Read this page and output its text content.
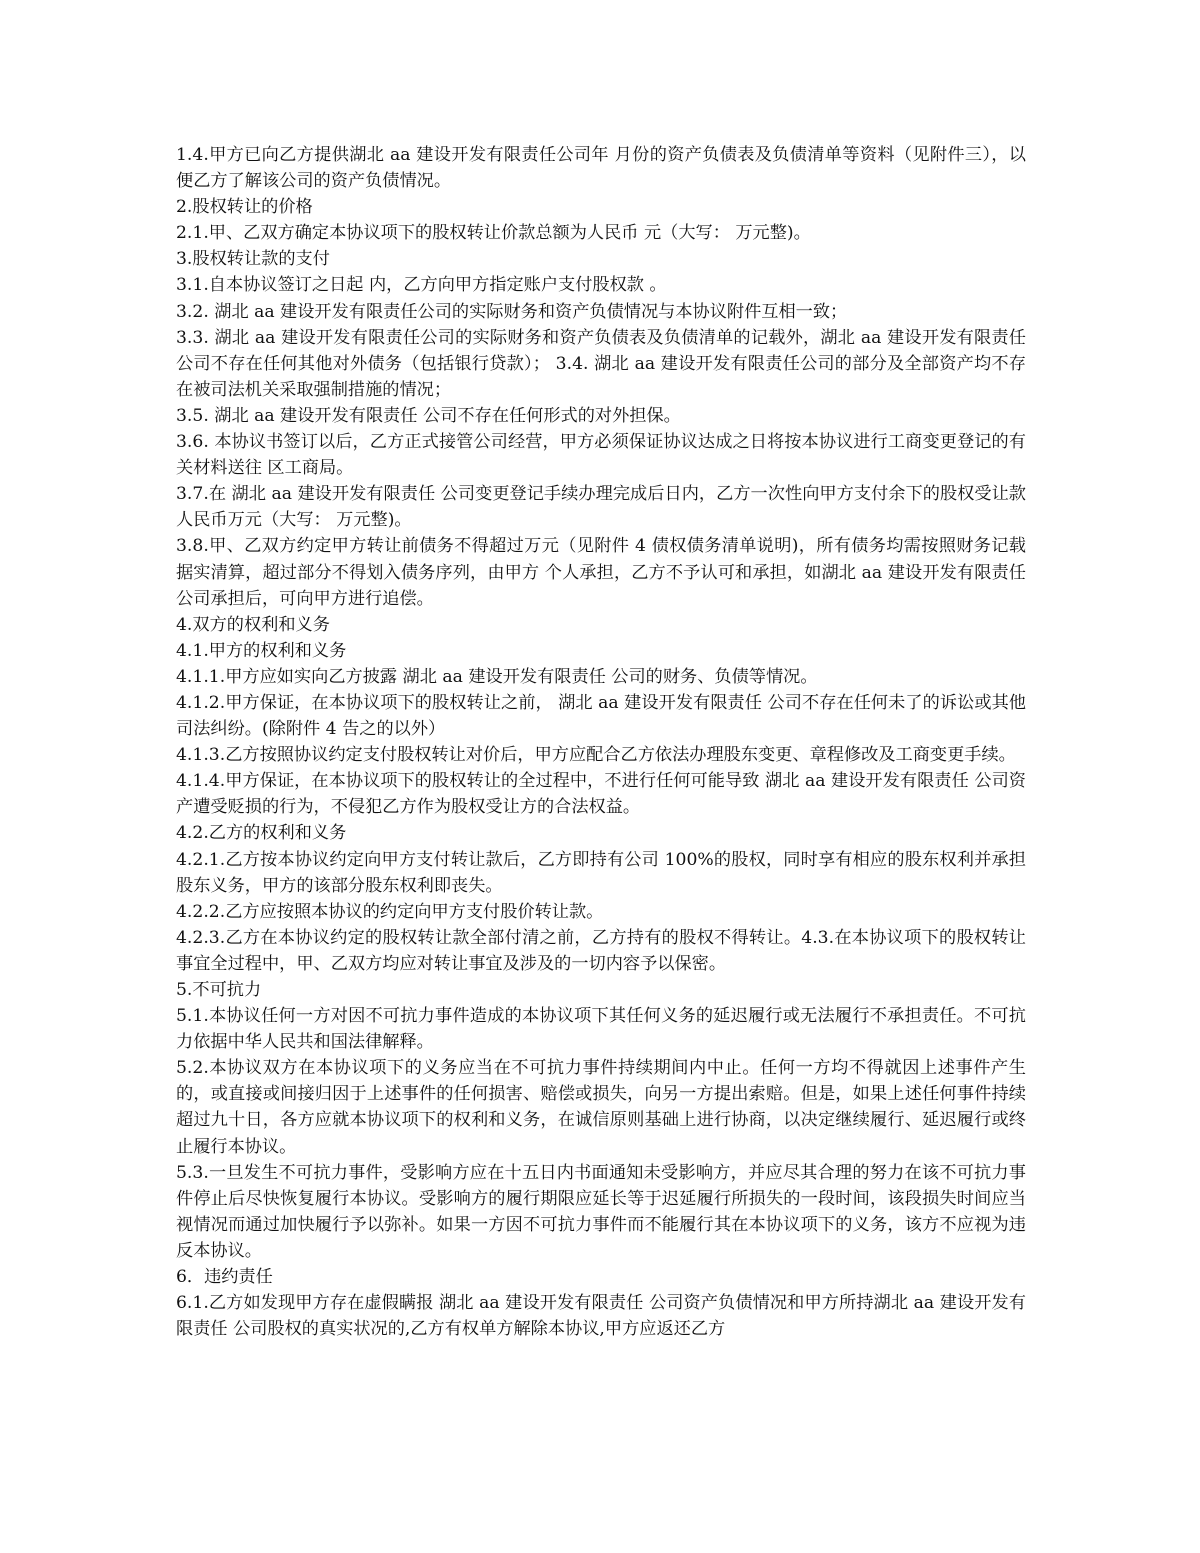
1.4.甲方已向乙方提供湖北 aa 建设开发有限责任公司年 月份的资产负债表及负债清单等资料（见附件三），以便乙方了解该公司的资产负债情况。

2.股权转让的价格

2.1.甲、乙双方确定本协议项下的股权转让价款总额为人民币 元（大写： 万元整)。

3.股权转让款的支付

3.1.自本协议签订之日起 内，乙方向甲方指定账户支付股权款 。

3.2. 湖北 aa 建设开发有限责任公司的实际财务和资产负债情况与本协议附件互相一致；

3.3. 湖北 aa 建设开发有限责任公司的实际财务和资产负债表及负债清单的记载外，湖北 aa 建设开发有限责任公司不存在任何其他对外债务（包括银行贷款）； 3.4. 湖北 aa 建设开发有限责任公司的部分及全部资产均不存在被司法机关采取强制措施的情况；

3.5. 湖北 aa 建设开发有限责任 公司不存在任何形式的对外担保。

3.6. 本协议书签订以后，乙方正式接管公司经营，甲方必须保证协议达成之日将按本协议进行工商变更登记的有关材料送往 区工商局。

3.7.在 湖北 aa 建设开发有限责任 公司变更登记手续办理完成后日内，乙方一次性向甲方支付余下的股权受让款人民币万元（大写： 万元整)。

3.8.甲、乙双方约定甲方转让前债务不得超过万元（见附件 4 债权债务清单说明)，所有债务均需按照财务记载据实清算，超过部分不得划入债务序列，由甲方 个人承担，乙方不予认可和承担，如湖北 aa 建设开发有限责任公司承担后，可向甲方进行追偿。

4.双方的权利和义务

4.1.甲方的权利和义务

4.1.1.甲方应如实向乙方披露 湖北 aa 建设开发有限责任 公司的财务、负债等情况。

4.1.2.甲方保证，在本协议项下的股权转让之前， 湖北 aa 建设开发有限责任 公司不存在任何未了的诉讼或其他司法纠纷。(除附件 4 告之的以外）

4.1.3.乙方按照协议约定支付股权转让对价后，甲方应配合乙方依法办理股东变更、章程修改及工商变更手续。

4.1.4.甲方保证，在本协议项下的股权转让的全过程中，不进行任何可能导致 湖北 aa 建设开发有限责任 公司资产遭受贬损的行为，不侵犯乙方作为股权受让方的合法权益。

4.2.乙方的权利和义务

4.2.1.乙方按本协议约定向甲方支付转让款后，乙方即持有公司 100%的股权，同时享有相应的股东权利并承担股东义务，甲方的该部分股东权利即丧失。

4.2.2.乙方应按照本协议的约定向甲方支付股价转让款。

4.2.3.乙方在本协议约定的股权转让款全部付清之前，乙方持有的股权不得转让。4.3.在本协议项下的股权转让事宜全过程中，甲、乙双方均应对转让事宜及涉及的一切内容予以保密。

5.不可抗力

5.1.本协议任何一方对因不可抗力事件造成的本协议项下其任何义务的延迟履行或无法履行不承担责任。不可抗力依据中华人民共和国法律解释。

5.2.本协议双方在本协议项下的义务应当在不可抗力事件持续期间内中止。任何一方均不得就因上述事件产生的，或直接或间接归因于上述事件的任何损害、赔偿或损失，向另一方提出索赔。但是，如果上述任何事件持续超过九十日，各方应就本协议项下的权利和义务，在诚信原则基础上进行协商，以决定继续履行、延迟履行或终止履行本协议。

5.3.一旦发生不可抗力事件，受影响方应在十五日内书面通知未受影响方，并应尽其合理的努力在该不可抗力事件停止后尽快恢复履行本协议。受影响方的履行期限应延长等于迟延履行所损失的一段时间，该段损失时间应当视情况而通过加快履行予以弥补。如果一方因不可抗力事件而不能履行其在本协议项下的义务，该方不应视为违反本协议。

6．违约责任

6.1.乙方如发现甲方存在虚假瞒报 湖北 aa 建设开发有限责任 公司资产负债情况和甲方所持湖北 aa 建设开发有限责任 公司股权的真实状况的,乙方有权单方解除本协议,甲方应返还乙方
